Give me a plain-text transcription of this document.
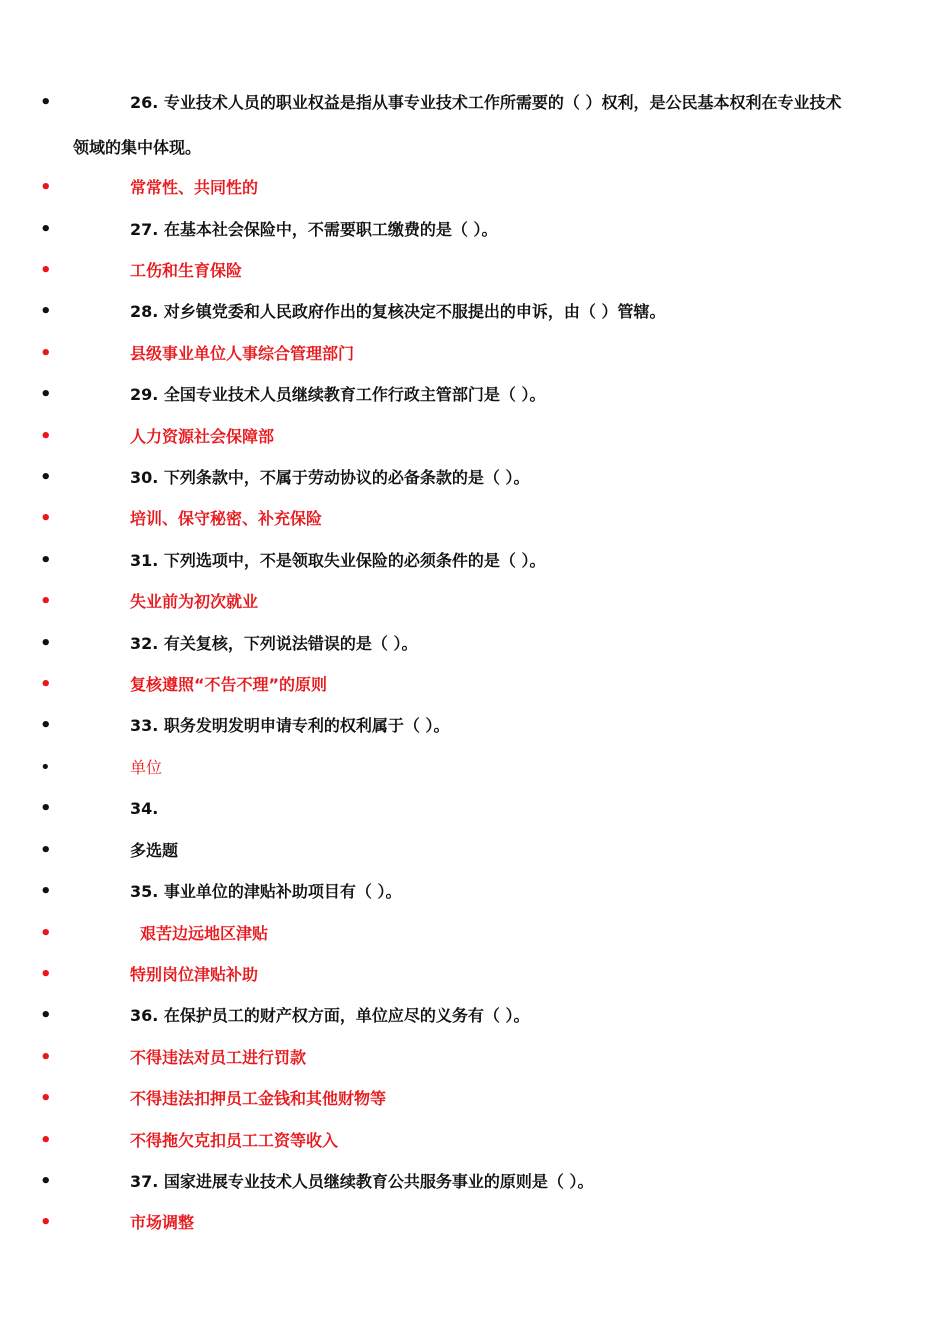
•	26. 专业技术人员的职业权益是指从事专业技术工作所需要的（ ）权利，是公民基本权利在专业技术
领域的集中体现。
•	常常性、共同性的
•	27. 在基本社会保险中，不需要职工缴费的是（ ）。
•	工伤和生育保险
•	28. 对乡镇党委和人民政府作出的复核决定不服提出的申诉，由（ ）管辖。
•	县级事业单位人事综合管理部门
•	29. 全国专业技术人员继续教育工作行政主管部门是（ ）。
•	人力资源社会保障部
•	30. 下列条款中，不属于劳动协议的必备条款的是（ ）。
•	培训、保守秘密、补充保险
•	31. 下列选项中，不是领取失业保险的必须条件的是（ ）。
•	失业前为初次就业
•	32. 有关复核，下列说法错误的是（ ）。
•	复核遵照“不告不理”的原则
•	33. 职务发明发明申请专利的权利属于（ ）。
•	单位
•	34.
•	多选题
•	35. 事业单位的津贴补助项目有（ ）。
•	艰苦边远地区津贴
•	特别岗位津贴补助
•	36. 在保护员工的财产权方面，单位应尽的义务有（ ）。
•	不得违法对员工进行罚款
•	不得违法扣押员工金钱和其他财物等
•	不得拖欠克扣员工工资等收入
•	37. 国家进展专业技术人员继续教育公共服务事业的原则是（ ）。
•	市场调整
